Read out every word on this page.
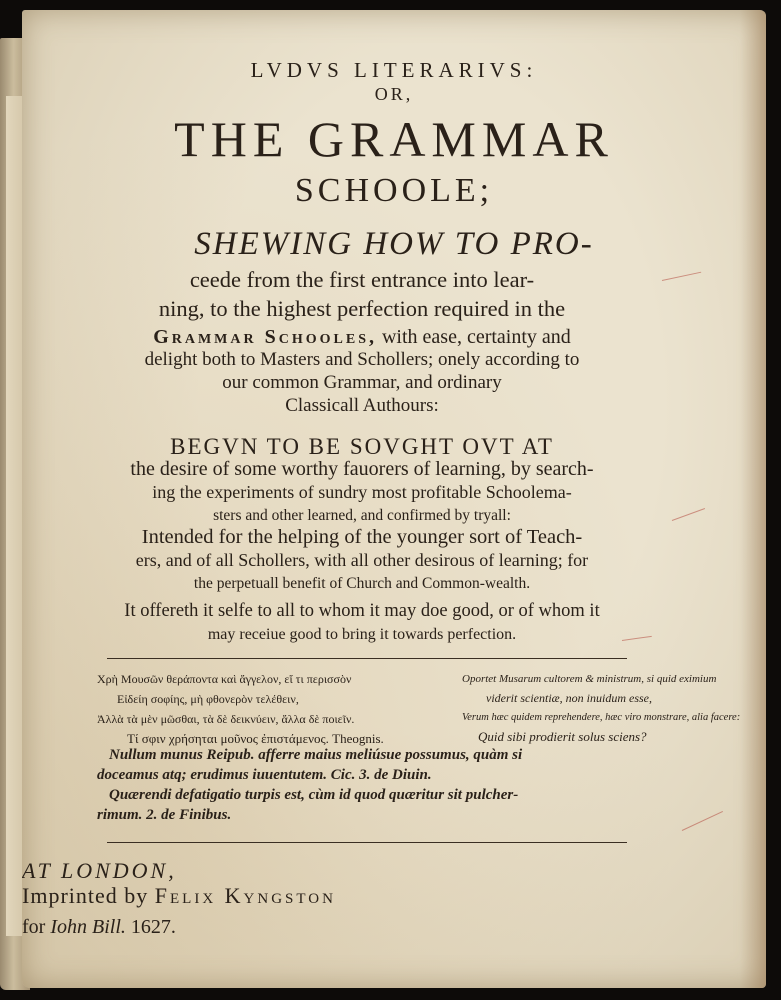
LVDVS LITERARIVS:
OR,
THE GRAMMAR
SCHOOLE;
SHEWING HOW TO PRO-
ceede from the first entrance into lear-
ning, to the highest perfection required in the
Grammar Schooles, with ease, certainty and
delight both to Masters and Schollers; onely according to
our common Grammar, and ordinary
Classicall Authours:
BEGVN TO BE SOVGHT OVT AT
the desire of some worthy fauorers of learning, by search-
ing the experiments of sundry most profitable Schoolema-
sters and other learned, and confirmed by tryall:
Intended for the helping of the younger sort of Teach-
ers, and of all Schollers, with all other desirous of learning; for
the perpetuall benefit of Church and Common-wealth.
It offereth it selfe to all to whom it may doe good, or of whom it
may receiue good to bring it towards perfection.
Χρὴ Μουσῶν θεράποντα καὶ ἄγγελον, εἴ τι περισσὸν
Εἰδείη σοφίης, μὴ φθονερὸν τελέθειν,
Ἀλλὰ τὰ μὲν μῶσθαι, τὰ δὲ δεικνύειν, ἄλλα δὲ ποιεῖν.
Τί σφιν χρήσηται μοῦνος ἐπιστάμενος. Theognis.
Oportet Musarum cultorem & ministrum, si quid eximium
viderit scientiæ, non inuidum esse,
Verum hæc quidem reprehendere, hæc viro monstrare, alia facere:
Quid sibi prodierit solus sciens?
Nullum munus Reipub. afferre maius meliúsue possumus, quàm si
doceamus atq; erudimus iuuentutem. Cic. 3. de Diuin.
Quærendi defatigatio turpis est, cùm id quod quæritur sit pulcher-
rimum. 2. de Finibus.
AT LONDON,
Imprinted by Felix Kyngston
for Iohn Bill. 1627.
